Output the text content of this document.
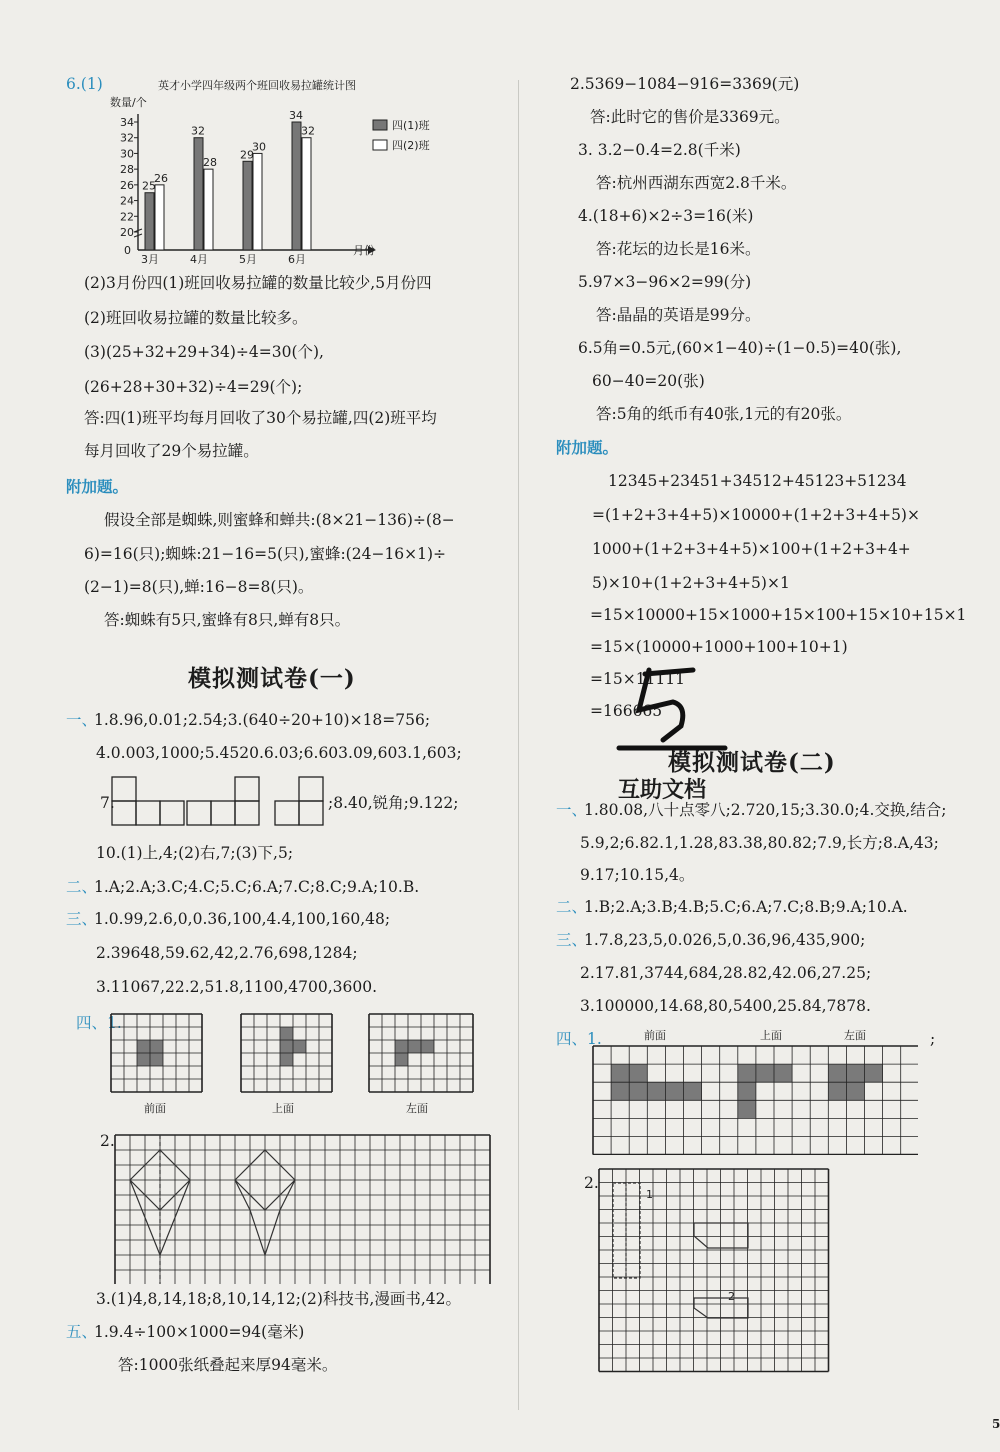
6.(1)	英才小学四年级两个班回收易拉罐统计图
数量/个
0	月份
20
22
24
26
28
30
32
34
3月	4月	5月	6月
25
26
32
28
29
30
34
32	四(1)班
四(2)班
(2)3月份四(1)班回收易拉罐的数量比较少,5月份四
(2)班回收易拉罐的数量比较多。
(3)(25+32+29+34)÷4=30(个),
(26+28+30+32)÷4=29(个);
答:四(1)班平均每月回收了30个易拉罐,四(2)班平均
每月回收了29个易拉罐。
附加题。
假设全部是蜘蛛,则蜜蜂和蝉共:(8×21−136)÷(8−
6)=16(只);蜘蛛:21−16=5(只),蜜蜂:(24−16×1)÷
(2−1)=8(只),蝉:16−8=8(只)。
答:蜘蛛有5只,蜜蜂有8只,蝉有8只。
模拟测试卷(一)
一、
1.8.96,0.01;2.54;3.(640÷20+10)×18=756;
4.0.003,1000;5.4520.6.03;6.603.09,603.1,603;
7.	;8.40,锐角;9.122;
10.(1)上,4;(2)右,7;(3)下,5;
二、
1.A;2.A;3.C;4.C;5.C;6.A;7.C;8.C;9.A;10.B.
三、
1.0.99,2.6,0,0.36,100,4.4,100,160,48;
2.39648,59.62,42,2.76,698,1284;
3.11067,22.2,51.8,1100,4700,3600.
四、1.
前面	上面	左面
2.
3.(1)4,8,14,18;8,10,14,12;(2)科技书,漫画书,42。
五、
1.9.4÷100×1000=94(毫米)
答:1000张纸叠起来厚94毫米。
2.5369−1084−916=3369(元)
答:此时它的售价是3369元。
3. 3.2−0.4=2.8(千米)
答:杭州西湖东西宽2.8千米。
4.(18+6)×2÷3=16(米)
答:花坛的边长是16米。
5.97×3−96×2=99(分)
答:晶晶的英语是99分。
6.5角=0.5元,(60×1−40)÷(1−0.5)=40(张),
60−40=20(张)
答:5角的纸币有40张,1元的有20张。
附加题。
12345+23451+34512+45123+51234
=(1+2+3+4+5)×10000+(1+2+3+4+5)×
1000+(1+2+3+4+5)×100+(1+2+3+4+
5)×10+(1+2+3+4+5)×1
=15×10000+15×1000+15×100+15×10+15×1
=15×(10000+1000+100+10+1)
=15×11111
=166665
模拟测试卷(二)
互助文档
一、
1.80.08,八十点零八;2.720,15;3.30.0;4.交换,结合;
5.9,2;6.82.1,1.28,83.38,80.82;7.9,长方;8.A,43;
9.17;10.15,4。
二、
1.B;2.A;3.B;4.B;5.C;6.A;7.C;8.B;9.A;10.A.
三、
1.7.8,23,5,0.026,5,0.36,96,435,900;
2.17.81,3744,684,28.82,42.06,27.25;
3.100000,14.68,80,5400,25.84,7878.
四、1.	前面	上面	左面	;
2.
1
2
5
